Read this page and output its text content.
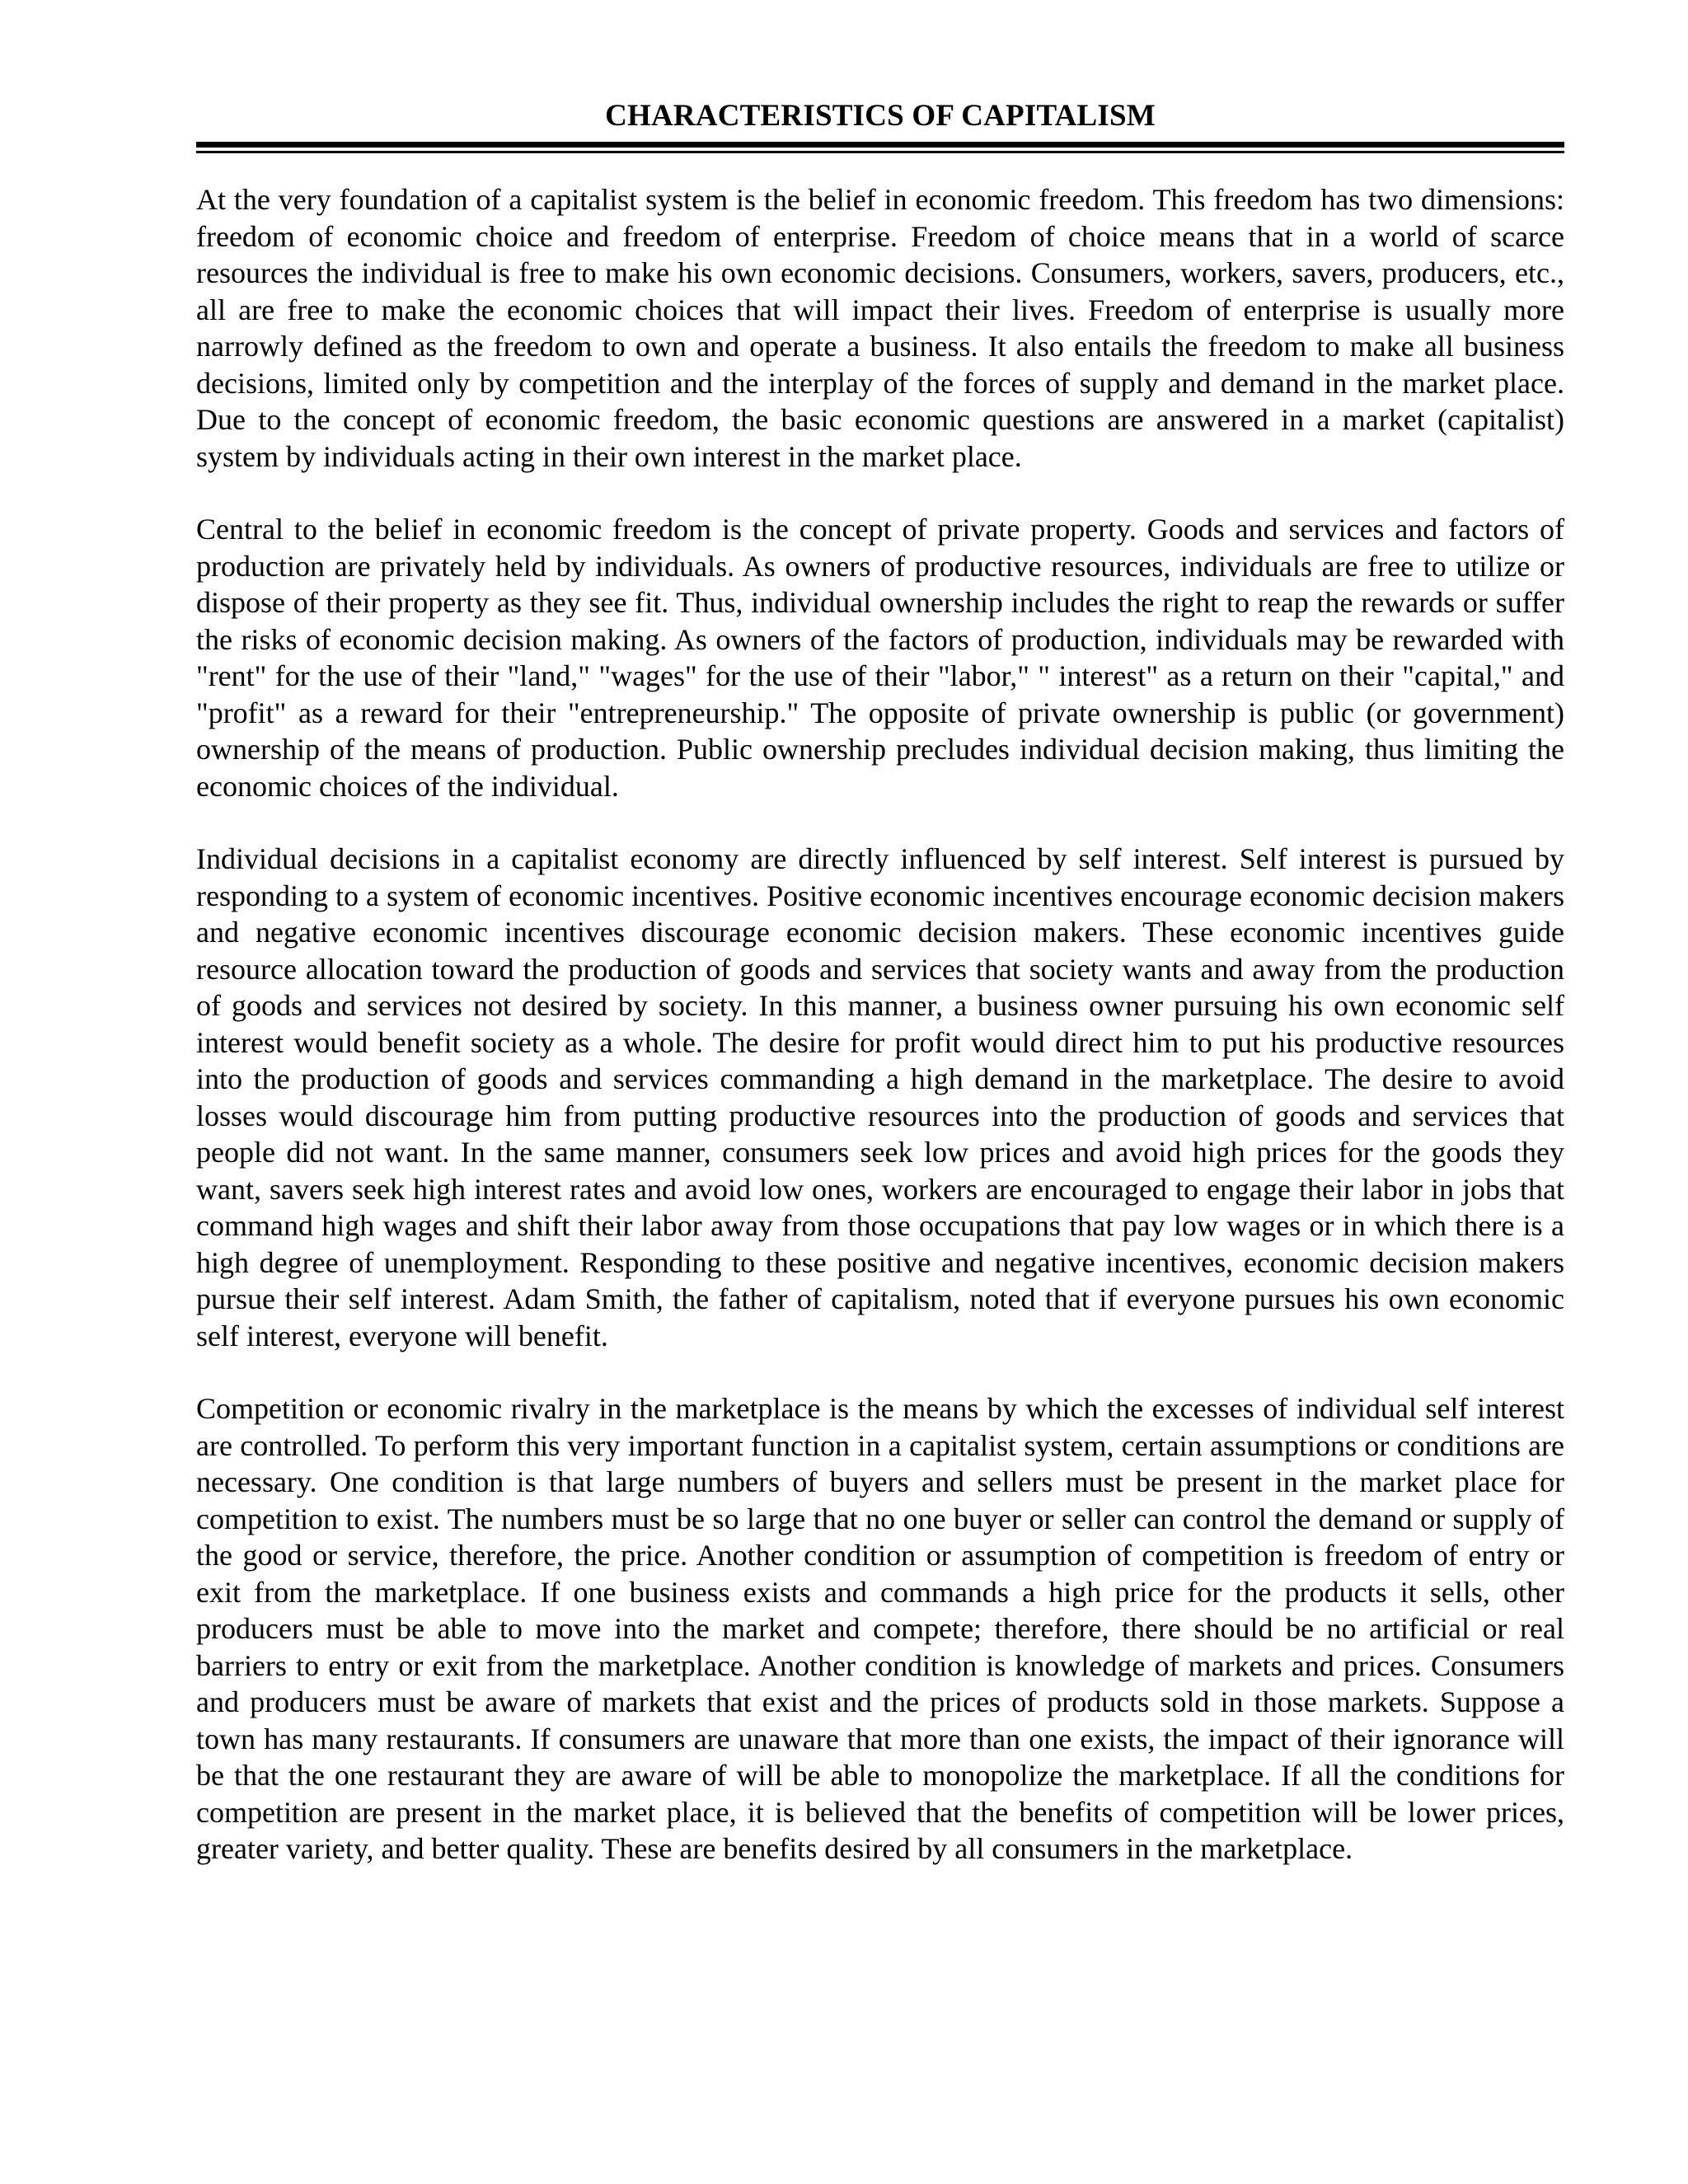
CHARACTERISTICS OF CAPITALISM

At the very foundation of a capitalist system is the belief in economic freedom. This freedom has two dimensions: freedom of economic choice and freedom of enterprise. Freedom of choice means that in a world of scarce resources the individual is free to make his own economic decisions. Consumers, workers, savers, producers, etc., all are free to make the economic choices that will impact their lives. Freedom of enterprise is usually more narrowly defined as the freedom to own and operate a business. It also entails the freedom to make all business decisions, limited only by competition and the interplay of the forces of supply and demand in the market place. Due to the concept of economic freedom, the basic economic questions are answered in a market (capitalist) system by individuals acting in their own interest in the market place.

Central to the belief in economic freedom is the concept of private property. Goods and services and factors of production are privately held by individuals. As owners of productive resources, individuals are free to utilize or dispose of their property as they see fit. Thus, individual ownership includes the right to reap the rewards or suffer the risks of economic decision making. As owners of the factors of production, individuals may be rewarded with "rent" for the use of their "land," "wages" for the use of their "labor," " interest" as a return on their "capital," and "profit" as a reward for their "entrepreneurship." The opposite of private ownership is public (or government) ownership of the means of production. Public ownership precludes individual decision making, thus limiting the economic choices of the individual.

Individual decisions in a capitalist economy are directly influenced by self interest. Self interest is pursued by responding to a system of economic incentives. Positive economic incentives encourage economic decision makers and negative economic incentives discourage economic decision makers. These economic incentives guide resource allocation toward the production of goods and services that society wants and away from the production of goods and services not desired by society. In this manner, a business owner pursuing his own economic self interest would benefit society as a whole. The desire for profit would direct him to put his productive resources into the production of goods and services commanding a high demand in the marketplace. The desire to avoid losses would discourage him from putting productive resources into the production of goods and services that people did not want. In the same manner, consumers seek low prices and avoid high prices for the goods they want, savers seek high interest rates and avoid low ones, workers are encouraged to engage their labor in jobs that command high wages and shift their labor away from those occupations that pay low wages or in which there is a high degree of unemployment. Responding to these positive and negative incentives, economic decision makers pursue their self interest. Adam Smith, the father of capitalism, noted that if everyone pursues his own economic self interest, everyone will benefit.

Competition or economic rivalry in the marketplace is the means by which the excesses of individual self interest are controlled. To perform this very important function in a capitalist system, certain assumptions or conditions are necessary. One condition is that large numbers of buyers and sellers must be present in the market place for competition to exist. The numbers must be so large that no one buyer or seller can control the demand or supply of the good or service, therefore, the price. Another condition or assumption of competition is freedom of entry or exit from the marketplace. If one business exists and commands a high price for the products it sells, other producers must be able to move into the market and compete; therefore, there should be no artificial or real barriers to entry or exit from the marketplace. Another condition is knowledge of markets and prices. Consumers and producers must be aware of markets that exist and the prices of products sold in those markets. Suppose a town has many restaurants. If consumers are unaware that more than one exists, the impact of their ignorance will be that the one restaurant they are aware of will be able to monopolize the marketplace. If all the conditions for competition are present in the market place, it is believed that the benefits of competition will be lower prices, greater variety, and better quality. These are benefits desired by all consumers in the marketplace.
